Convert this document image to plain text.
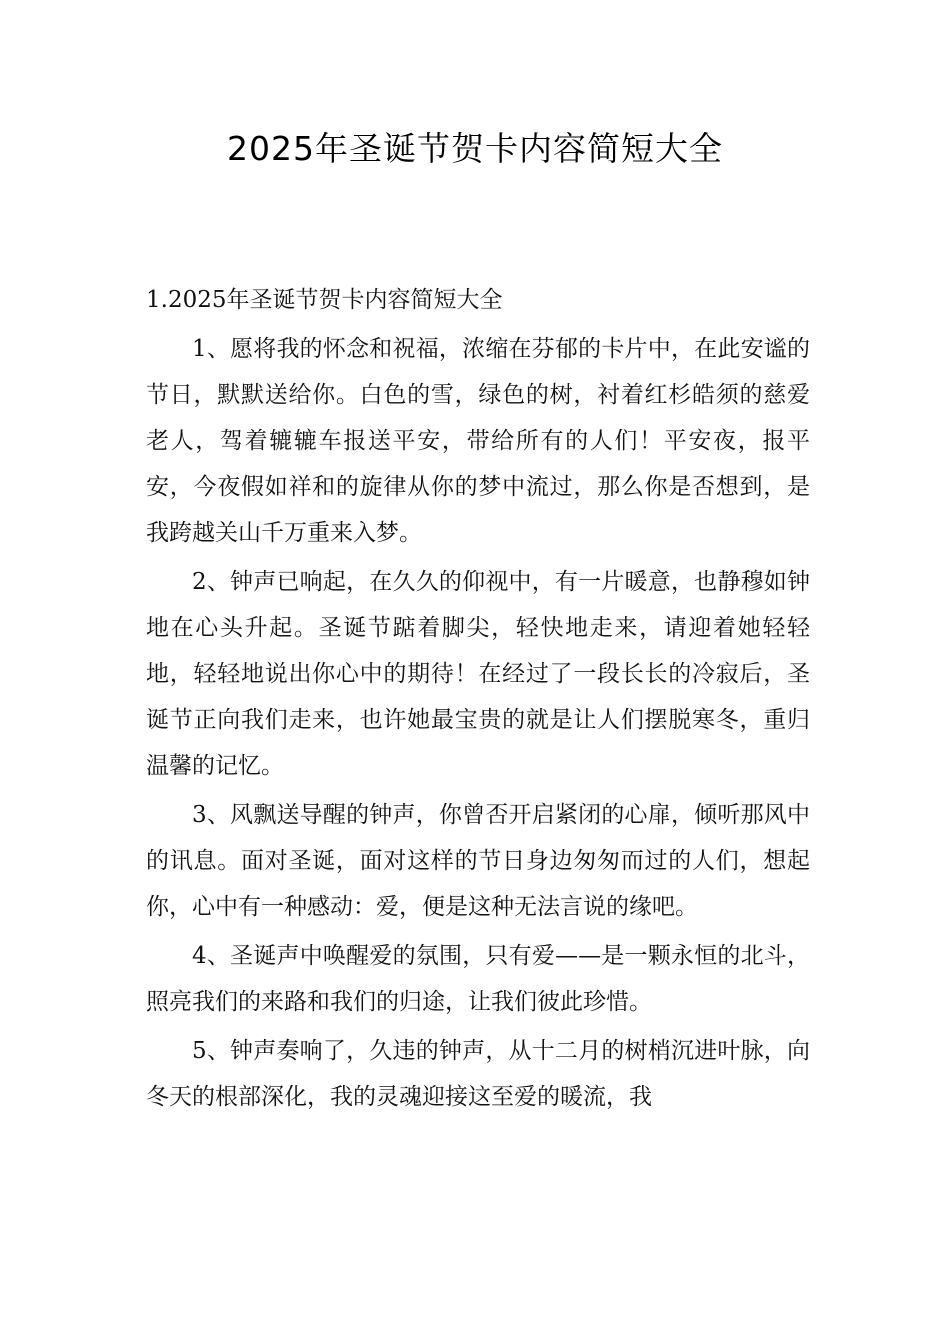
2025年圣诞节贺卡内容简短大全
1.2025年圣诞节贺卡内容简短大全

1、愿将我的怀念和祝福，浓缩在芬郁的卡片中，在此安谧的节日，默默送给你。白色的雪，绿色的树，衬着红杉皓须的慈爱老人，驾着辘辘车报送平安，带给所有的人们！平安夜，报平安，今夜假如祥和的旋律从你的梦中流过，那么你是否想到，是我跨越关山千万重来入梦。

2、钟声已响起，在久久的仰视中，有一片暖意，也静穆如钟地在心头升起。圣诞节踮着脚尖，轻快地走来，请迎着她轻轻地，轻轻地说出你心中的期待！在经过了一段长长的冷寂后，圣诞节正向我们走来，也许她最宝贵的就是让人们摆脱寒冬，重归温馨的记忆。

3、风飘送导醒的钟声，你曾否开启紧闭的心扉，倾听那风中的讯息。面对圣诞，面对这样的节日身边匆匆而过的人们，想起你，心中有一种感动：爱，便是这种无法言说的缘吧。

4、圣诞声中唤醒爱的氛围，只有爱——是一颗永恒的北斗，照亮我们的来路和我们的归途，让我们彼此珍惜。

5、钟声奏响了，久违的钟声，从十二月的树梢沉进叶脉，向冬天的根部深化，我的灵魂迎接这至爱的暖流，我
